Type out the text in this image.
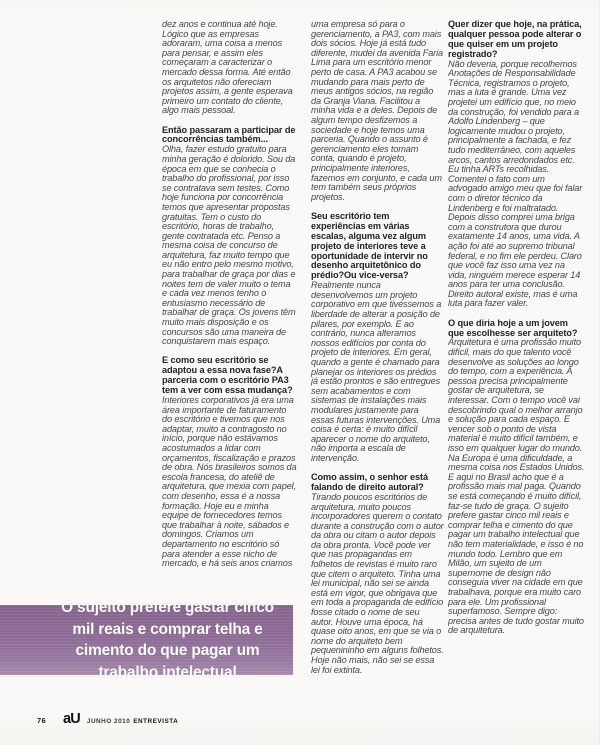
dez anos e continua até hoje. Lógico que as empresas adoraram, uma coisa a menos para pensar, e assim eles começaram a caracterizar o mercado dessa forma. Até então os arquitetos não ofereciam projetos assim, a gente esperava primeiro um contato do cliente, algo mais pessoal.

Então passaram a participar de concorrências também...

Olha, fazer estudo gratuito para minha geração é dolorido. Sou da época em que se conhecia o trabalho do profissional, por isso se contratava sem testes. Como hoje funciona por concorrência temos que apresentar propostas gratuitas. Tem o custo do escritório, horas de trabalho, gente contratada etc. Penso a mesma coisa de concurso de arquitetura, faz muito tempo que eu não entro pelo mesmo motivo, para trabalhar de graça por dias e noites tem de valer muito o tema e cada vez menos tenho o entusiasmo necessário de trabalhar de graça. Os jovens têm muito mais disposição e os concursos são uma maneira de conquistarem mais espaço.

E como seu escritório se adaptou a essa nova fase?A parceria com o escritório PA3 tem a ver com essa mudança?

Interiores corporativos já era uma área importante de faturamento do escritório e tivemos que nos adaptar, muito a contragosto no início, porque não estávamos acostumados a lidar com orçamentos, fiscalização e prazos de obra. Nós brasileiros somos da escola francesa, do ateliê de arquitetura, que mexia com papel, com desenho, essa é a nossa formação. Hoje eu e minha equipe de fornecedores temos que trabalhar à noite, sábados e domingos. Criamos um departamento no escritório só para atender a esse nicho de mercado, e há seis anos criamos

uma empresa só para o gerenciamento, a PA3, com mais dois sócios. Hoje já está tudo diferente, mudei da avenida Faria Lima para um escritório menor perto de casa. A PA3 acabou se mudando para mais perto de meus antigos sócios, na região da Granja Viana. Facilitou a minha vida e a deles. Depois de algum tempo desfizemos a sociedade e hoje temos uma parceria. Quando o assunto é gerenciamento eles tomam conta, quando é projeto, principalmente interiores, fazemos em conjunto, e cada um tem também seus próprios projetos.

Seu escritório tem experiências em várias escalas, alguma vez algum projeto de interiores teve a oportunidade de intervir no desenho arquitetônico do prédio?Ou vice-versa?

Realmente nunca desenvolvemos um projeto corporativo em que tivéssemos a liberdade de alterar a posição de pilares, por exemplo. E ao contrário, nunca alteramos nossos edifícios por conta do projeto de interiores. Em geral, quando a gente é chamado para planejar os interiores os prédios já estão prontos e são entregues sem acabamentos e com sistemas de instalações mais modulares justamente para essas futuras intervenções. Uma coisa é certa: é muito difícil aparecer o nome do arquiteto, não importa a escala de intervenção.

Como assim, o senhor está falando de direito autoral?

Tirando poucos escritórios de arquitetura, muito poucos incorporadores querem o contato durante a construção com o autor da obra ou citam o autor depois da obra pronta. Você pode ver que nas propagandas em folhetos de revistas é muito raro que citem o arquiteto. Tinha uma lei municipal, não sei se ainda está em vigor, que obrigava que em toda a propaganda de edifício fosse citado o nome de seu autor. Houve uma época, há quase oito anos, em que se via o nome do arquiteto bem pequenininho em alguns folhetos. Hoje não mais, não sei se essa lei foi extinta.

Quer dizer que hoje, na prática, qualquer pessoa pode alterar o que quiser em um projeto registrado?

Não deveria, porque recolhemos Anotações de Responsabilidade Técnica, registramos o projeto, mas a luta é grande. Uma vez projetei um edifício que, no meio da construção, foi vendido para a Adolfo Lindenberg – que logicamente mudou o projeto, principalmente a fachada, e fez tudo mediterrâneo, com aqueles arcos, cantos arredondados etc. Eu tinha ARTs recolhidas. Comentei o fato com um advogado amigo meu que foi falar com o diretor técnico da Lindenberg e foi maltratado. Depois disso comprei uma briga com a construtora que durou exatamente 14 anos, uma vida. A ação foi até ao supremo tribunal federal, e no fim ele perdeu. Claro que você faz isso uma vez na vida, ninguém merece esperar 14 anos para ter uma conclusão. Direito autoral existe, mas é uma luta para fazer valer.

O que diria hoje a um jovem que escolhesse ser arquiteto?

Arquitetura é uma profissão muito difícil, mais do que talento você desenvolve as soluções ao longo do tempo, com a experiência. A pessoa precisa principalmente gostar de arquitetura, se interessar. Com o tempo você vai descobrindo qual o melhor arranjo e solução para cada espaço. E vencer sob o ponto de vista material é muito difícil também, e isso em qualquer lugar do mundo. Na Europa é uma dificuldade, a mesma coisa nos Estados Unidos. E aqui no Brasil acho que é a profissão mais mal paga. Quando se está começando é muito difícil, faz-se tudo de graça. O sujeito prefere gastar cinco mil reais e comprar telha e cimento do que pagar um trabalho intelectual que não tem materialidade, e isso é no mundo todo. Lembro que em Milão, um sujeito de um supernome de design não conseguia viver na cidade em que trabalhava, porque era muito caro para ele. Um profissional superfamoso. Sempre digo: precisa antes de tudo gostar muito de arquitetura.

O sujeito prefere gastar cinco mil reais e comprar telha e cimento do que pagar um trabalho intelectual

76 aU JUNHO 2010 ENTREVISTA
